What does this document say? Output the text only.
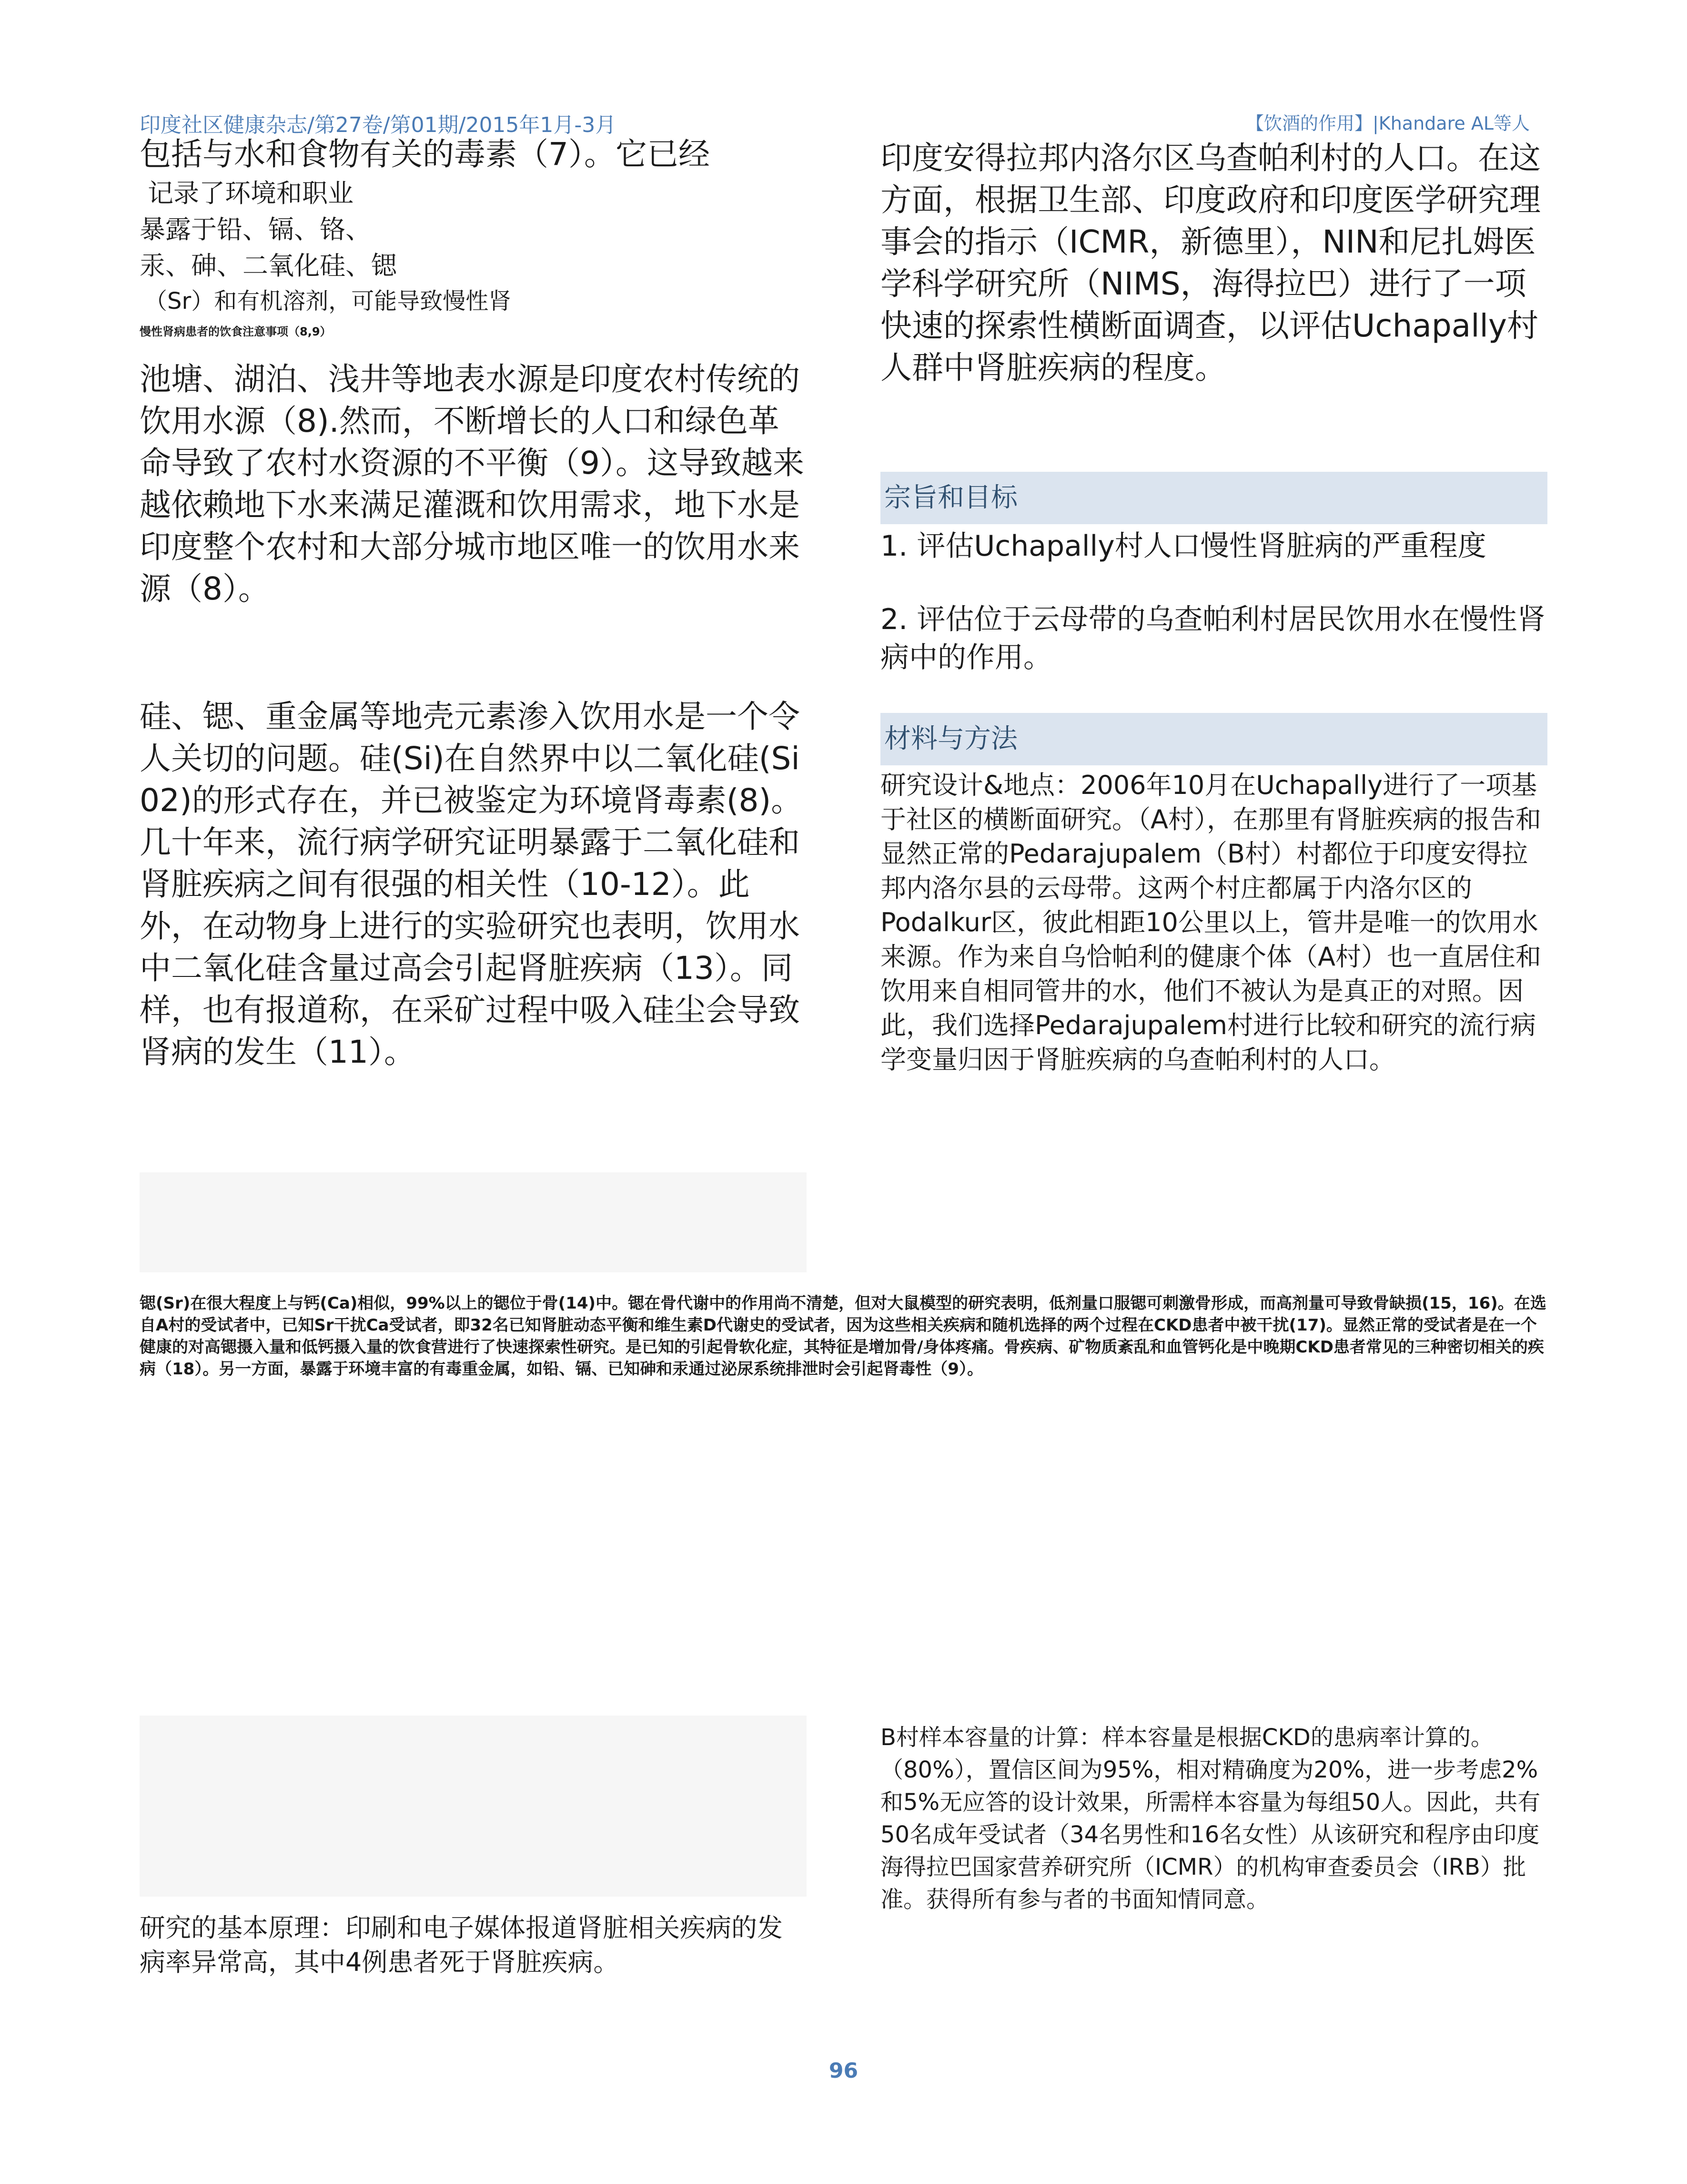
印度社区健康杂志/第27卷/第01期/2015年1月-3月	【饮酒的作用】|Khandare AL等人

包括与水和食物有关的毒素（7）。它已经

记录了环境和职业

暴露于铅、镉、铬、

汞、砷、二氧化硅、锶

（Sr）和有机溶剂，可能导致慢性肾

慢性肾病患者的饮食注意事项（8,9）

池塘、湖泊、浅井等地表水源是印度农村传统的饮用水源（8).然而，不断增长的人口和绿色革命导致了农村水资源的不平衡（9）。这导致越来越依赖地下水来满足灌溉和饮用需求，地下水是印度整个农村和大部分城市地区唯一的饮用水来源（8）。

硅、锶、重金属等地壳元素渗入饮用水是一个令人关切的问题。硅(Si)在自然界中以二氧化硅(Si 02)的形式存在，并已被鉴定为环境肾毒素(8)。几十年来，流行病学研究证明暴露于二氧化硅和肾脏疾病之间有很强的相关性（10-12）。此外，在动物身上进行的实验研究也表明，饮用水中二氧化硅含量过高会引起肾脏疾病（13）。同样，也有报道称，在采矿过程中吸入硅尘会导致肾病的发生（11）。

印度安得拉邦内洛尔区乌查帕利村的人口。在这方面，根据卫生部、印度政府和印度医学研究理事会的指示（ICMR，新德里），NIN和尼扎姆医学科学研究所（NIMS，海得拉巴）进行了一项快速的探索性横断面调查，以评估Uchapally村人群中肾脏疾病的程度。

宗旨和目标

1. 评估Uchapally村人口慢性肾脏病的严重程度

2. 评估位于云母带的乌查帕利村居民饮用水在慢性肾病中的作用。

材料与方法

研究设计&地点：2006年10月在Uchapally进行了一项基于社区的横断面研究。（A村），在那里有肾脏疾病的报告和显然正常的Pedarajupalem（B村）村都位于印度安得拉邦内洛尔县的云母带。这两个村庄都属于内洛尔区的Podalkur区，彼此相距10公里以上，管井是唯一的饮用水来源。作为来自乌恰帕利的健康个体（A村）也一直居住和饮用来自相同管井的水，他们不被认为是真正的对照。因此，我们选择Pedarajupalem村进行比较和研究的流行病学变量归因于肾脏疾病的乌查帕利村的人口。

锶(Sr)在很大程度上与钙(Ca)相似，99%以上的锶位于骨(14)中。锶在骨代谢中的作用尚不清楚，但对大鼠模型的研究表明，低剂量口服锶可刺激骨形成，而高剂量可导致骨缺损(15，16)。在选自A村的受试者中，已知Sr干扰Ca受试者，即32名已知肾脏动态平衡和维生素D代谢史的受试者，因为这些相关疾病和随机选择的两个过程在CKD患者中被干扰(17)。显然正常的受试者是在一个健康的对高锶摄入量和低钙摄入量的饮食营进行了快速探索性研究。是已知的引起骨软化症，其特征是增加骨/身体疼痛。骨疾病、矿物质紊乱和血管钙化是中晚期CKD患者常见的三种密切相关的疾病（18）。另一方面，暴露于环境丰富的有毒重金属，如铅、镉、已知砷和汞通过泌尿系统排泄时会引起肾毒性（9）。

B村样本容量的计算：样本容量是根据CKD的患病率计算的。（80%），置信区间为95%，相对精确度为20%，进一步考虑2%和5%无应答的设计效果，所需样本容量为每组50人。因此，共有50名成年受试者（34名男性和16名女性）从该研究和程序由印度海得拉巴国家营养研究所（ICMR）的机构审查委员会（IRB）批准。获得所有参与者的书面知情同意。

研究的基本原理：印刷和电子媒体报道肾脏相关疾病的发病率异常高，其中4例患者死于肾脏疾病。

96
